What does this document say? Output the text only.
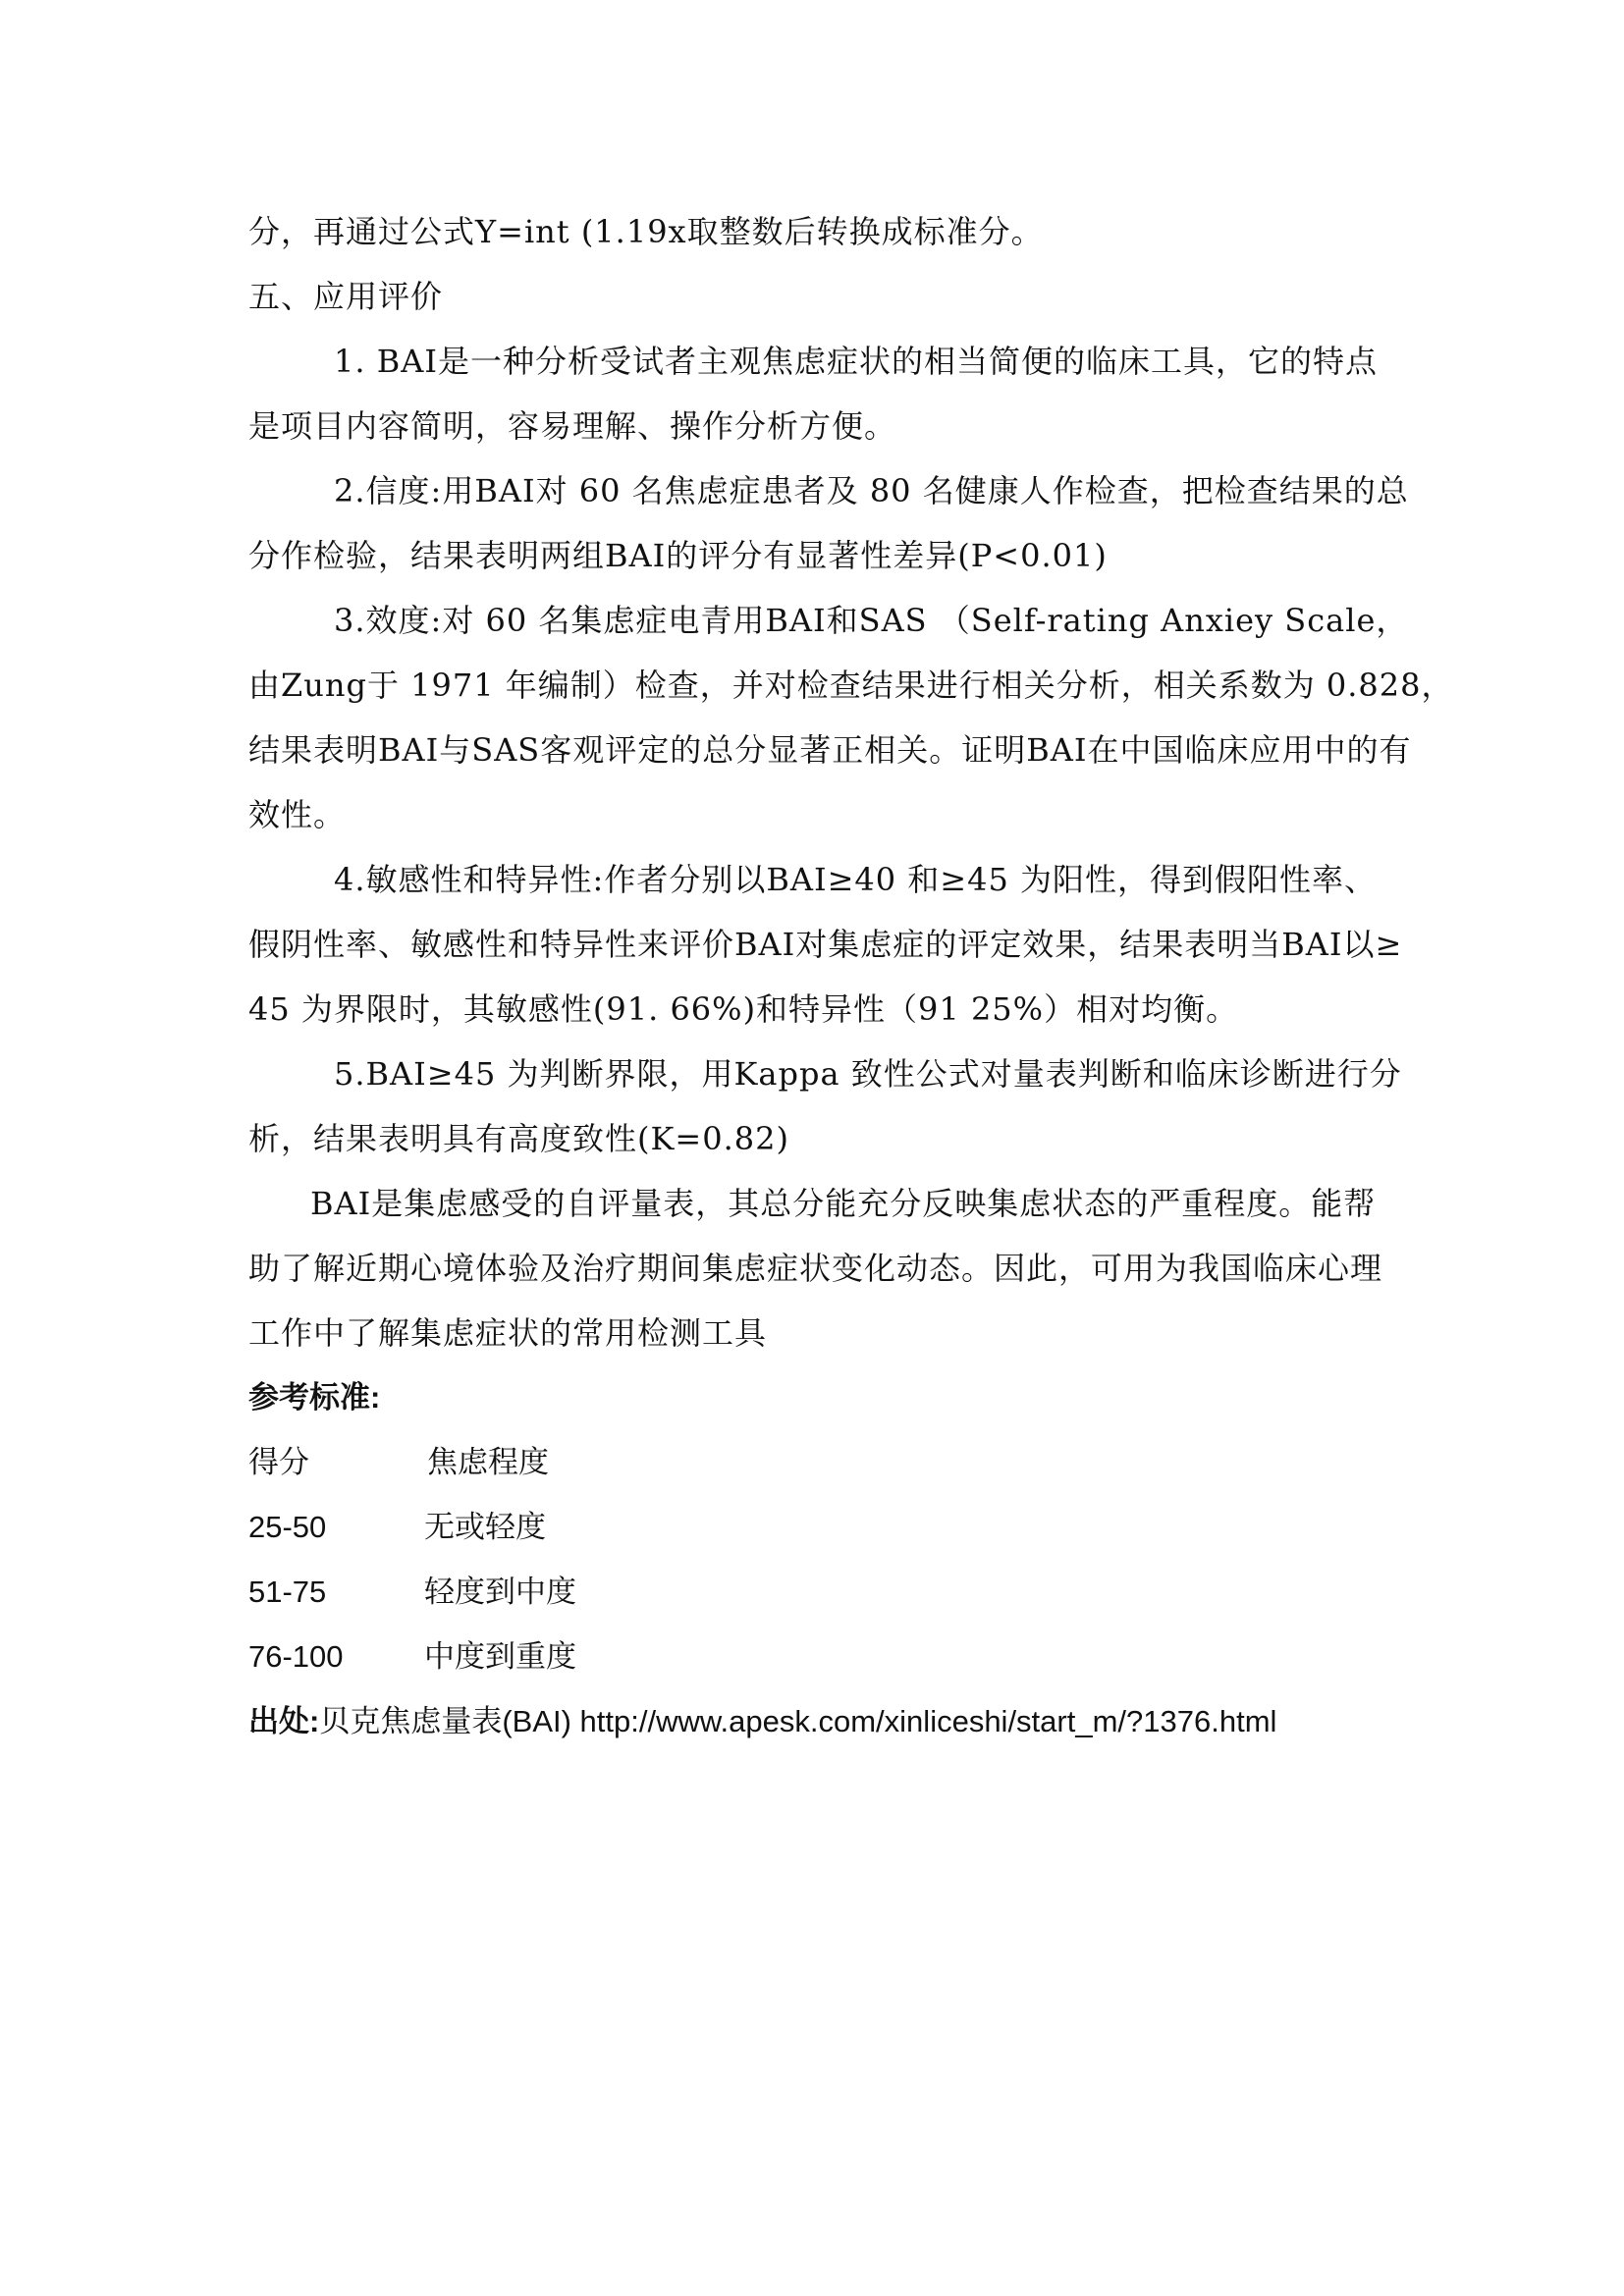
分，再通过公式Y=int (1.19x取整数后转换成标准分。
五、应用评价
1. BAI是一种分析受试者主观焦虑症状的相当简便的临床工具，它的特点
是项目内容简明，容易理解、操作分析方便。
2.信度:用BAI对 60 名焦虑症患者及 80 名健康人作检查，把检查结果的总
分作检验，结果表明两组BAI的评分有显著性差异(P<0.01)
3.效度:对 60 名集虑症电青用BAI和SAS （Self-rating Anxiey Scale，
由Zung于 1971 年编制）检查，并对检查结果进行相关分析，相关系数为 0.828，
结果表明BAI与SAS客观评定的总分显著正相关。证明BAI在中国临床应用中的有
效性。
4.敏感性和特异性:作者分别以BAI≥40 和≥45 为阳性，得到假阳性率、
假阴性率、敏感性和特异性来评价BAI对集虑症的评定效果，结果表明当BAI以≥
45 为界限时，其敏感性(91. 66%)和特异性（91 25%）相对均衡。
5.BAI≥45 为判断界限，用Kappa 致性公式对量表判断和临床诊断进行分
析，结果表明具有高度致性(K=0.82)
BAI是集虑感受的自评量表，其总分能充分反映集虑状态的严重程度。能帮
助了解近期心境体验及治疗期间集虑症状变化动态。因此，可用为我国临床心理
工作中了解集虑症状的常用检测工具
参考标准:
得分	焦虑程度
25-50	无或轻度
51-75	轻度到中度
76-100	中度到重度
出处:贝克焦虑量表(BAI) http://www.apesk.com/xinliceshi/start_m/?1376.html
